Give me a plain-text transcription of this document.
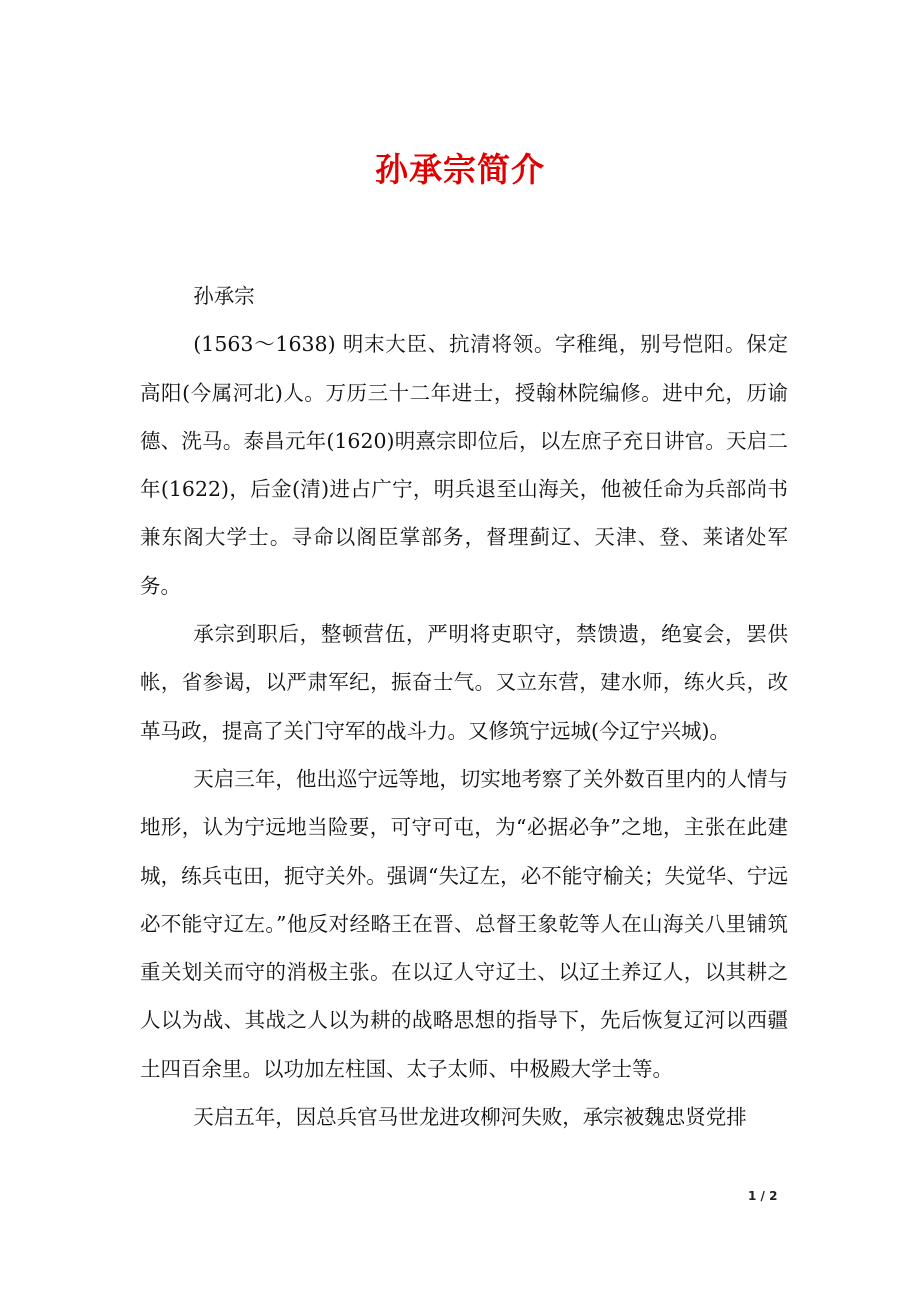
孙承宗简介

孙承宗

(1563～1638) 明末大臣、抗清将领。字稚绳，别号恺阳。保定高阳(今属河北)人。万历三十二年进士，授翰林院编修。进中允，历谕德、洗马。泰昌元年(1620)明熹宗即位后，以左庶子充日讲官。天启二年(1622)，后金(清)进占广宁，明兵退至山海关，他被任命为兵部尚书兼东阁大学士。寻命以阁臣掌部务，督理蓟辽、天津、登、莱诸处军务。

承宗到职后，整顿营伍，严明将吏职守，禁馈遗，绝宴会，罢供帐，省参谒，以严肃军纪，振奋士气。又立东营，建水师，练火兵，改革马政，提高了关门守军的战斗力。又修筑宁远城(今辽宁兴城)。

天启三年，他出巡宁远等地，切实地考察了关外数百里内的人情与地形，认为宁远地当险要，可守可屯，为“必据必争”之地，主张在此建城，练兵屯田，扼守关外。强调“失辽左，必不能守榆关；失觉华、宁远必不能守辽左。”他反对经略王在晋、总督王象乾等人在山海关八里铺筑重关划关而守的消极主张。在以辽人守辽土、以辽土养辽人，以其耕之人以为战、其战之人以为耕的战略思想的指导下，先后恢复辽河以西疆土四百余里。以功加左柱国、太子太师、中极殿大学士等。

天启五年，因总兵官马世龙进攻柳河失败，承宗被魏忠贤党排

1 / 2
